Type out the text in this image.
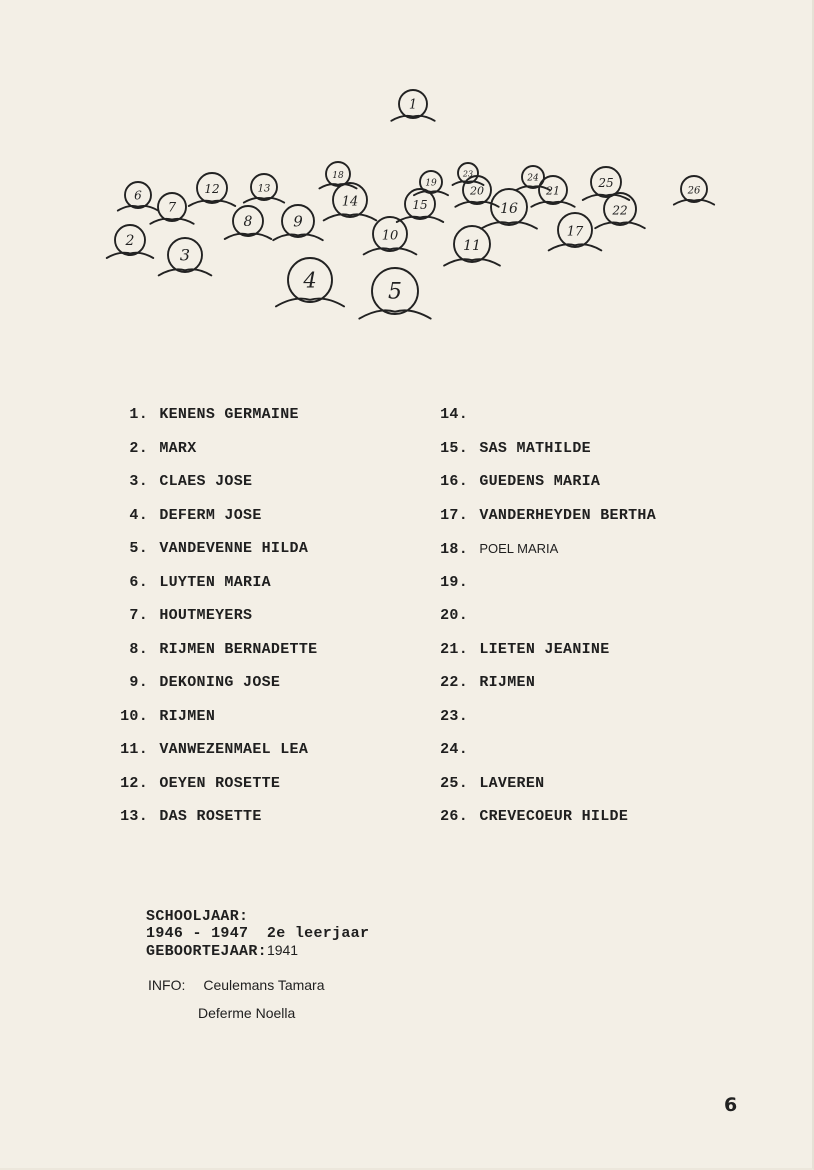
1
2
3
4	5
6
7
8	9
10
11
12	13
14	15	16
17
18
19
20	21
22
23	24	25
26
1. KENENS GERMAINE
2. MARX
3. CLAES JOSE
4. DEFERM JOSE
5. VANDEVENNE HILDA
6. LUYTEN MARIA
7. HOUTMEYERS
8. RIJMEN BERNADETTE
9. DEKONING JOSE
10. RIJMEN
11. VANWEZENMAEL LEA
12. OEYEN ROSETTE
13. DAS ROSETTE
14.
15. SAS MATHILDE
16. GUEDENS MARIA
17. VANDERHEYDEN BERTHA
18. POEL MARIA
19.
20.
21. LIETEN JEANINE
22. RIJMEN
23.
24.
25. LAVEREN
26. CREVECOEUR HILDE

SCHOOLJAAR:
1946 - 1947  2e leerjaar

GEBOORTEJAAR:1941

INFO: Ceulemans Tamara

Deferme Noella

6
